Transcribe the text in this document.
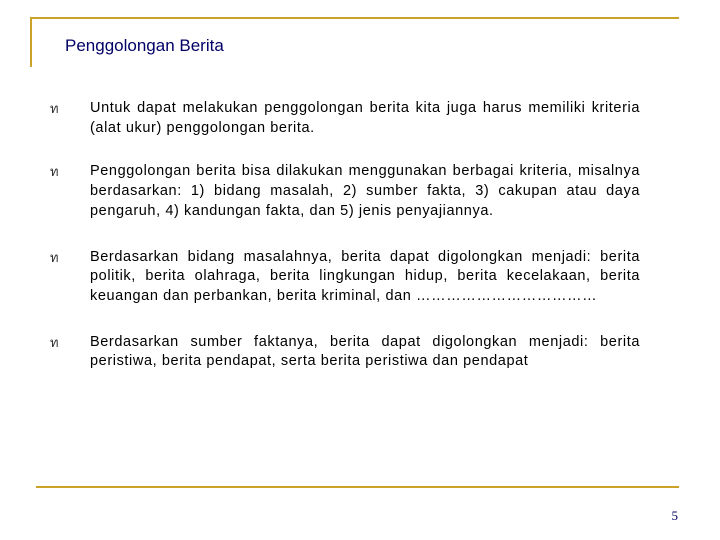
Penggolongan Berita
ท Untuk dapat melakukan penggolongan berita kita juga harus memiliki kriteria (alat ukur) penggolongan berita.

ท Penggolongan berita bisa dilakukan menggunakan berbagai kriteria, misalnya berdasarkan: 1) bidang masalah, 2) sumber fakta, 3) cakupan atau daya pengaruh, 4) kandungan fakta, dan 5) jenis penyajiannya.

ท Berdasarkan bidang masalahnya, berita dapat digolongkan menjadi: berita politik, berita olahraga, berita lingkungan hidup, berita kecelakaan, berita keuangan dan perbankan, berita kriminal, dan ………………………………

ท Berdasarkan sumber faktanya, berita dapat digolongkan menjadi: berita peristiwa, berita pendapat, serta berita peristiwa dan pendapat

5
